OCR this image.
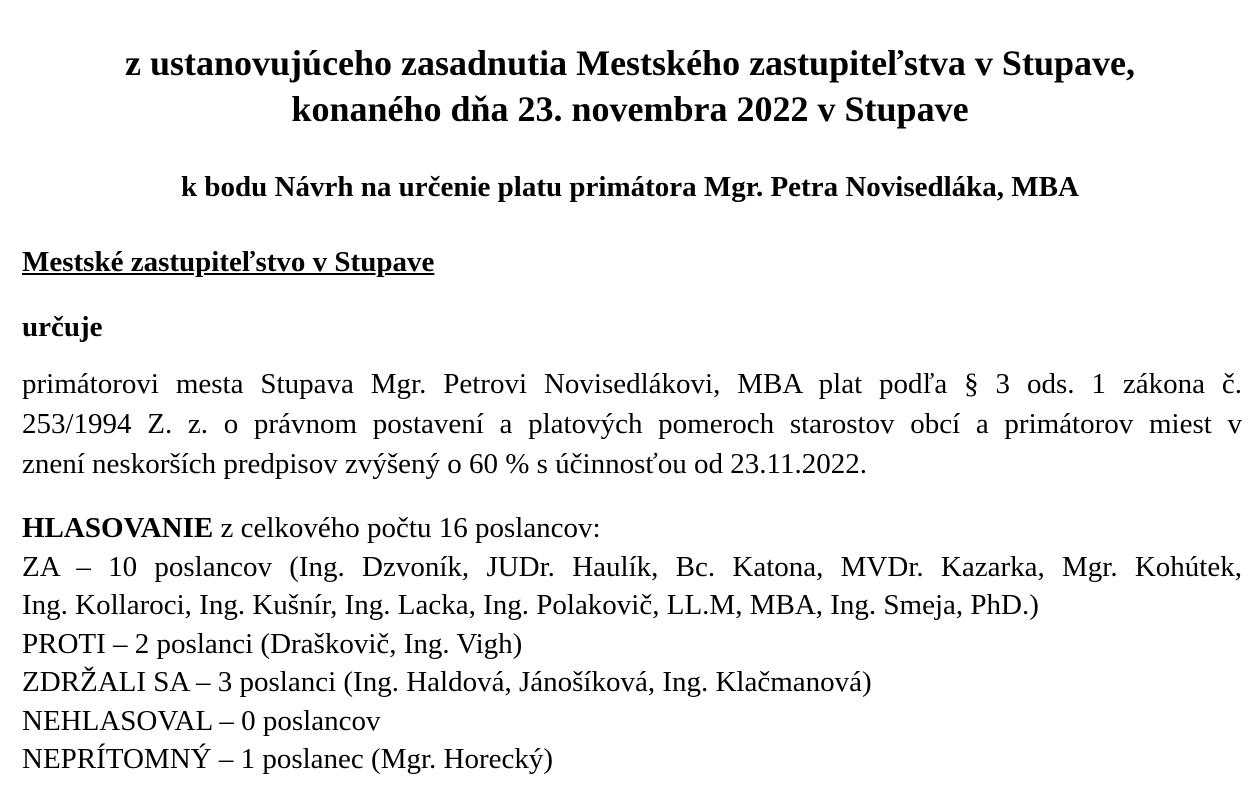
z ustanovujúceho zasadnutia Mestského zastupiteľstva v Stupave,
konaného dňa 23. novembra 2022 v Stupave

k bodu Návrh na určenie platu primátora Mgr. Petra Novisedláka, MBA

Mestské zastupiteľstvo v Stupave

určuje

primátorovi mesta Stupava Mgr. Petrovi Novisedlákovi, MBA plat podľa § 3 ods. 1 zákona č.
253/1994 Z. z. o právnom postavení a platových pomeroch starostov obcí a primátorov miest v
znení neskorších predpisov zvýšený o 60 % s účinnosťou od 23.11.2022.

HLASOVANIE z celkového počtu 16 poslancov:
ZA – 10 poslancov (Ing. Dzvoník, JUDr. Haulík, Bc. Katona, MVDr. Kazarka, Mgr. Kohútek,
Ing. Kollaroci, Ing. Kušnír, Ing. Lacka, Ing. Polakovič, LL.M, MBA, Ing. Smeja, PhD.)
PROTI – 2 poslanci (Draškovič, Ing. Vigh)
ZDRŽALI SA – 3 poslanci (Ing. Haldová, Jánošíková, Ing. Klačmanová)
NEHLASOVAL – 0 poslancov
NEPRÍTOMNÝ – 1 poslanec (Mgr. Horecký)
